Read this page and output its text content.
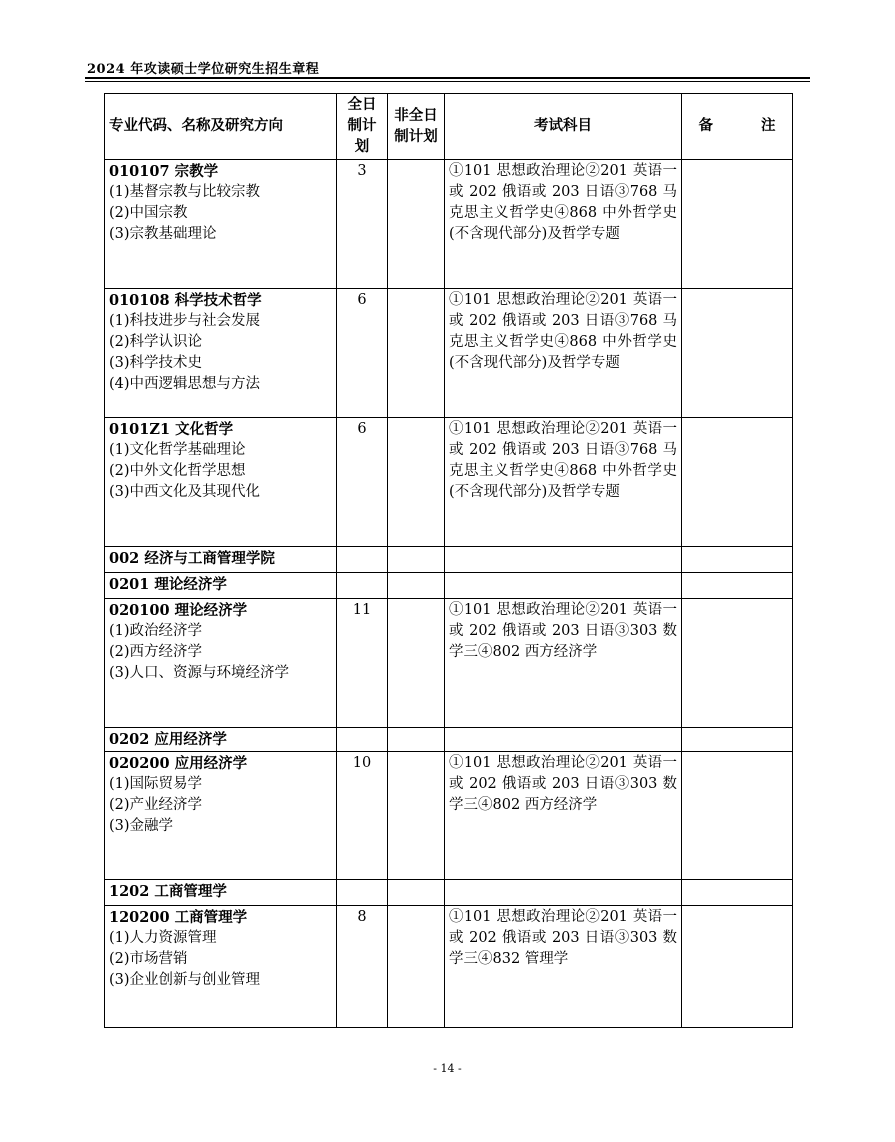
2024 年攻读硕士学位研究生招生章程
专业代码、名称及研究方向	全日制计划	非全日制计划	考试科目	备 注

010107 宗教学
(1)基督宗教与比较宗教
(2)中国宗教
(3)宗教基础理论	3		①101 思想政治理论②201 英语一或 202 俄语或 203 日语③768 马克思主义哲学史④868 中外哲学史(不含现代部分)及哲学专题	

010108 科学技术哲学
(1)科技进步与社会发展
(2)科学认识论
(3)科学技术史
(4)中西逻辑思想与方法	6		①101 思想政治理论②201 英语一或 202 俄语或 203 日语③768 马克思主义哲学史④868 中外哲学史(不含现代部分)及哲学专题	

0101Z1 文化哲学
(1)文化哲学基础理论
(2)中外文化哲学思想
(3)中西文化及其现代化	6		①101 思想政治理论②201 英语一或 202 俄语或 203 日语③768 马克思主义哲学史④868 中外哲学史(不含现代部分)及哲学专题	
002 经济与工商管理学院				
0201 理论经济学				

020100 理论经济学
(1)政治经济学
(2)西方经济学
(3)人口、资源与环境经济学	11		①101 思想政治理论②201 英语一或 202 俄语或 203 日语③303 数学三④802 西方经济学	
0202 应用经济学				

020200 应用经济学
(1)国际贸易学
(2)产业经济学
(3)金融学	10		①101 思想政治理论②201 英语一或 202 俄语或 203 日语③303 数学三④802 西方经济学	
1202 工商管理学				

120200 工商管理学
(1)人力资源管理
(2)市场营销
(3)企业创新与创业管理	8		①101 思想政治理论②201 英语一或 202 俄语或 203 日语③303 数学三④832 管理学	
- 14 -
